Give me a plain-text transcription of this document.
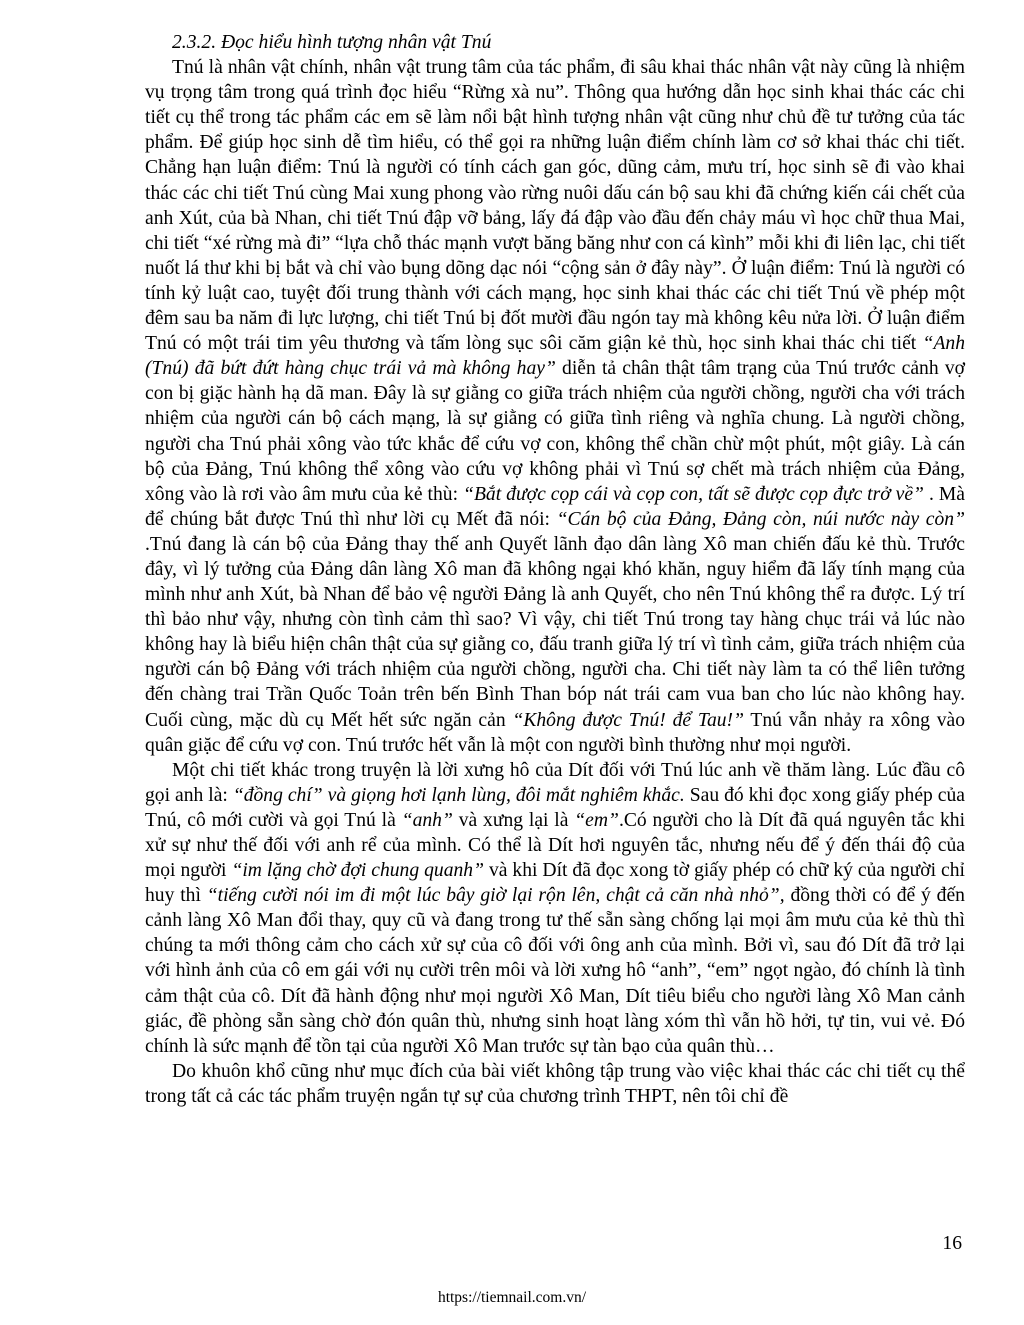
2.3.2. Đọc hiểu hình tượng nhân vật Tnú

Tnú là nhân vật chính, nhân vật trung tâm của tác phẩm, đi sâu khai thác nhân vật này cũng là nhiệm vụ trọng tâm trong quá trình đọc hiểu “Rừng xà nu”. Thông qua hướng dẫn học sinh khai thác các chi tiết cụ thể trong tác phẩm các em sẽ làm nổi bật hình tượng nhân vật cũng như chủ đề tư tưởng của tác phẩm. Để giúp học sinh dễ tìm hiểu, có thể gọi ra những luận điểm chính làm cơ sở khai thác chi tiết. Chẳng hạn luận điểm: Tnú là người có tính cách gan góc, dũng cảm, mưu trí, học sinh sẽ đi vào khai thác các chi tiết Tnú cùng Mai xung phong vào rừng nuôi dấu cán bộ sau khi đã chứng kiến cái chết của anh Xút, của bà Nhan, chi tiết Tnú đập vỡ bảng, lấy đá đập vào đầu đến chảy máu vì học chữ thua Mai, chi tiết “xé rừng mà đi” “lựa chỗ thác mạnh vượt băng băng như con cá kình” mỗi khi đi liên lạc, chi tiết nuốt lá thư khi bị bắt và chỉ vào bụng dõng dạc nói “cộng sản ở đây này”. Ở luận điểm: Tnú là người có tính kỷ luật cao, tuyệt đối trung thành với cách mạng, học sinh khai thác các chi tiết Tnú về phép một đêm sau ba năm đi lực lượng, chi tiết Tnú bị đốt mười đầu ngón tay mà không kêu nửa lời. Ở luận điểm Tnú có một trái tim yêu thương và tấm lòng sục sôi căm giận kẻ thù, học sinh khai thác chi tiết “Anh (Tnú) đã bứt đứt hàng chục trái vả mà không hay” diễn tả chân thật tâm trạng của Tnú trước cảnh vợ con bị giặc hành hạ dã man. Đây là sự giằng co giữa trách nhiệm của người chồng, người cha với trách nhiệm của người cán bộ cách mạng, là sự giằng có giữa tình riêng và nghĩa chung. Là người chồng, người cha Tnú phải xông vào tức khắc để cứu vợ con, không thể chần chừ một phút, một giây. Là cán bộ của Đảng, Tnú không thể xông vào cứu vợ không phải vì Tnú sợ chết mà trách nhiệm của Đảng, xông vào là rơi vào âm mưu của kẻ thù: “Bắt được cọp cái và cọp con, tất sẽ được cọp đực trở về” . Mà để chúng bắt được Tnú thì như lời cụ Mết đã nói: “Cán bộ của Đảng, Đảng còn, núi nước này còn” .Tnú đang là cán bộ của Đảng thay thế anh Quyết lãnh đạo dân làng Xô man chiến đấu kẻ thù. Trước đây, vì lý tưởng của Đảng dân làng Xô man đã không ngại khó khăn, nguy hiểm đã lấy tính mạng của mình như anh Xút, bà Nhan để bảo vệ người Đảng là anh Quyết, cho nên Tnú không thể ra được. Lý trí thì bảo như vậy, nhưng còn tình cảm thì sao? Vì vậy, chi tiết Tnú trong tay hàng chục trái vả lúc nào không hay là biểu hiện chân thật của sự giằng co, đấu tranh giữa lý trí vì tình cảm, giữa trách nhiệm của người cán bộ Đảng với trách nhiệm của người chồng, người cha. Chi tiết này làm ta có thể liên tưởng đến chàng trai Trần Quốc Toản trên bến Bình Than bóp nát trái cam vua ban cho lúc nào không hay. Cuối cùng, mặc dù cụ Mết hết sức ngăn cản “Không được Tnú! để Tau!” Tnú vẫn nhảy ra xông vào quân giặc để cứu vợ con. Tnú trước hết vẫn là một con người bình thường như mọi người.

Một chi tiết khác trong truyện là lời xưng hô của Dít đối với Tnú lúc anh về thăm làng. Lúc đầu cô gọi anh là: “đồng chí” và giọng hơi lạnh lùng, đôi mắt nghiêm khắc. Sau đó khi đọc xong giấy phép của Tnú, cô mới cười và gọi Tnú là “anh” và xưng lại là “em”.Có người cho là Dít đã quá nguyên tắc khi xử sự như thế đối với anh rể của mình. Có thể là Dít hơi nguyên tắc, nhưng nếu để ý đến thái độ của mọi người “im lặng chờ đợi chung quanh” và khi Dít đã đọc xong tờ giấy phép có chữ ký của người chỉ huy thì “tiếng cười nói im đi một lúc bây giờ lại rộn lên, chật cả căn nhà nhỏ”, đồng thời có để ý đến cảnh làng Xô Man đổi thay, quy cũ và đang trong tư thế sẵn sàng chống lại mọi âm mưu của kẻ thù thì chúng ta mới thông cảm cho cách xử sự của cô đối với ông anh của mình. Bởi vì, sau đó Dít đã trở lại với hình ảnh của cô em gái với nụ cười trên môi và lời xưng hô “anh”, “em” ngọt ngào, đó chính là tình cảm thật của cô. Dít đã hành động như mọi người Xô Man, Dít tiêu biểu cho người làng Xô Man cảnh giác, đề phòng sẵn sàng chờ đón quân thù, nhưng sinh hoạt làng xóm thì vẫn hồ hởi, tự tin, vui vẻ. Đó chính là sức mạnh để tồn tại của người Xô Man trước sự tàn bạo của quân thù…

Do khuôn khổ cũng như mục đích của bài viết không tập trung vào việc khai thác các chi tiết cụ thể trong tất cả các tác phẩm truyện ngắn tự sự của chương trình THPT, nên tôi chỉ đề

16
https://tiemnail.com.vn/
